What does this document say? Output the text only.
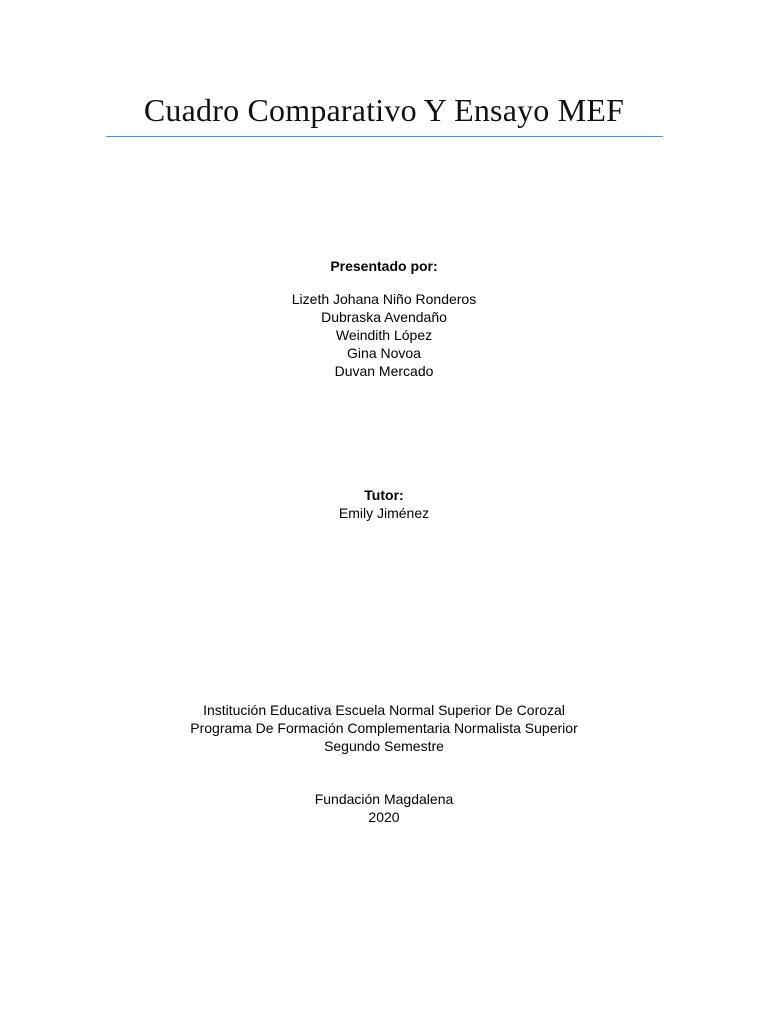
Cuadro Comparativo Y Ensayo MEF
Presentado por:
Lizeth Johana Niño Ronderos
Dubraska Avendaño
Weindith López
Gina Novoa
Duvan Mercado
Tutor:
Emily Jiménez
Institución Educativa Escuela Normal Superior De Corozal
Programa De Formación Complementaria Normalista Superior
Segundo Semestre
Fundación Magdalena
2020
